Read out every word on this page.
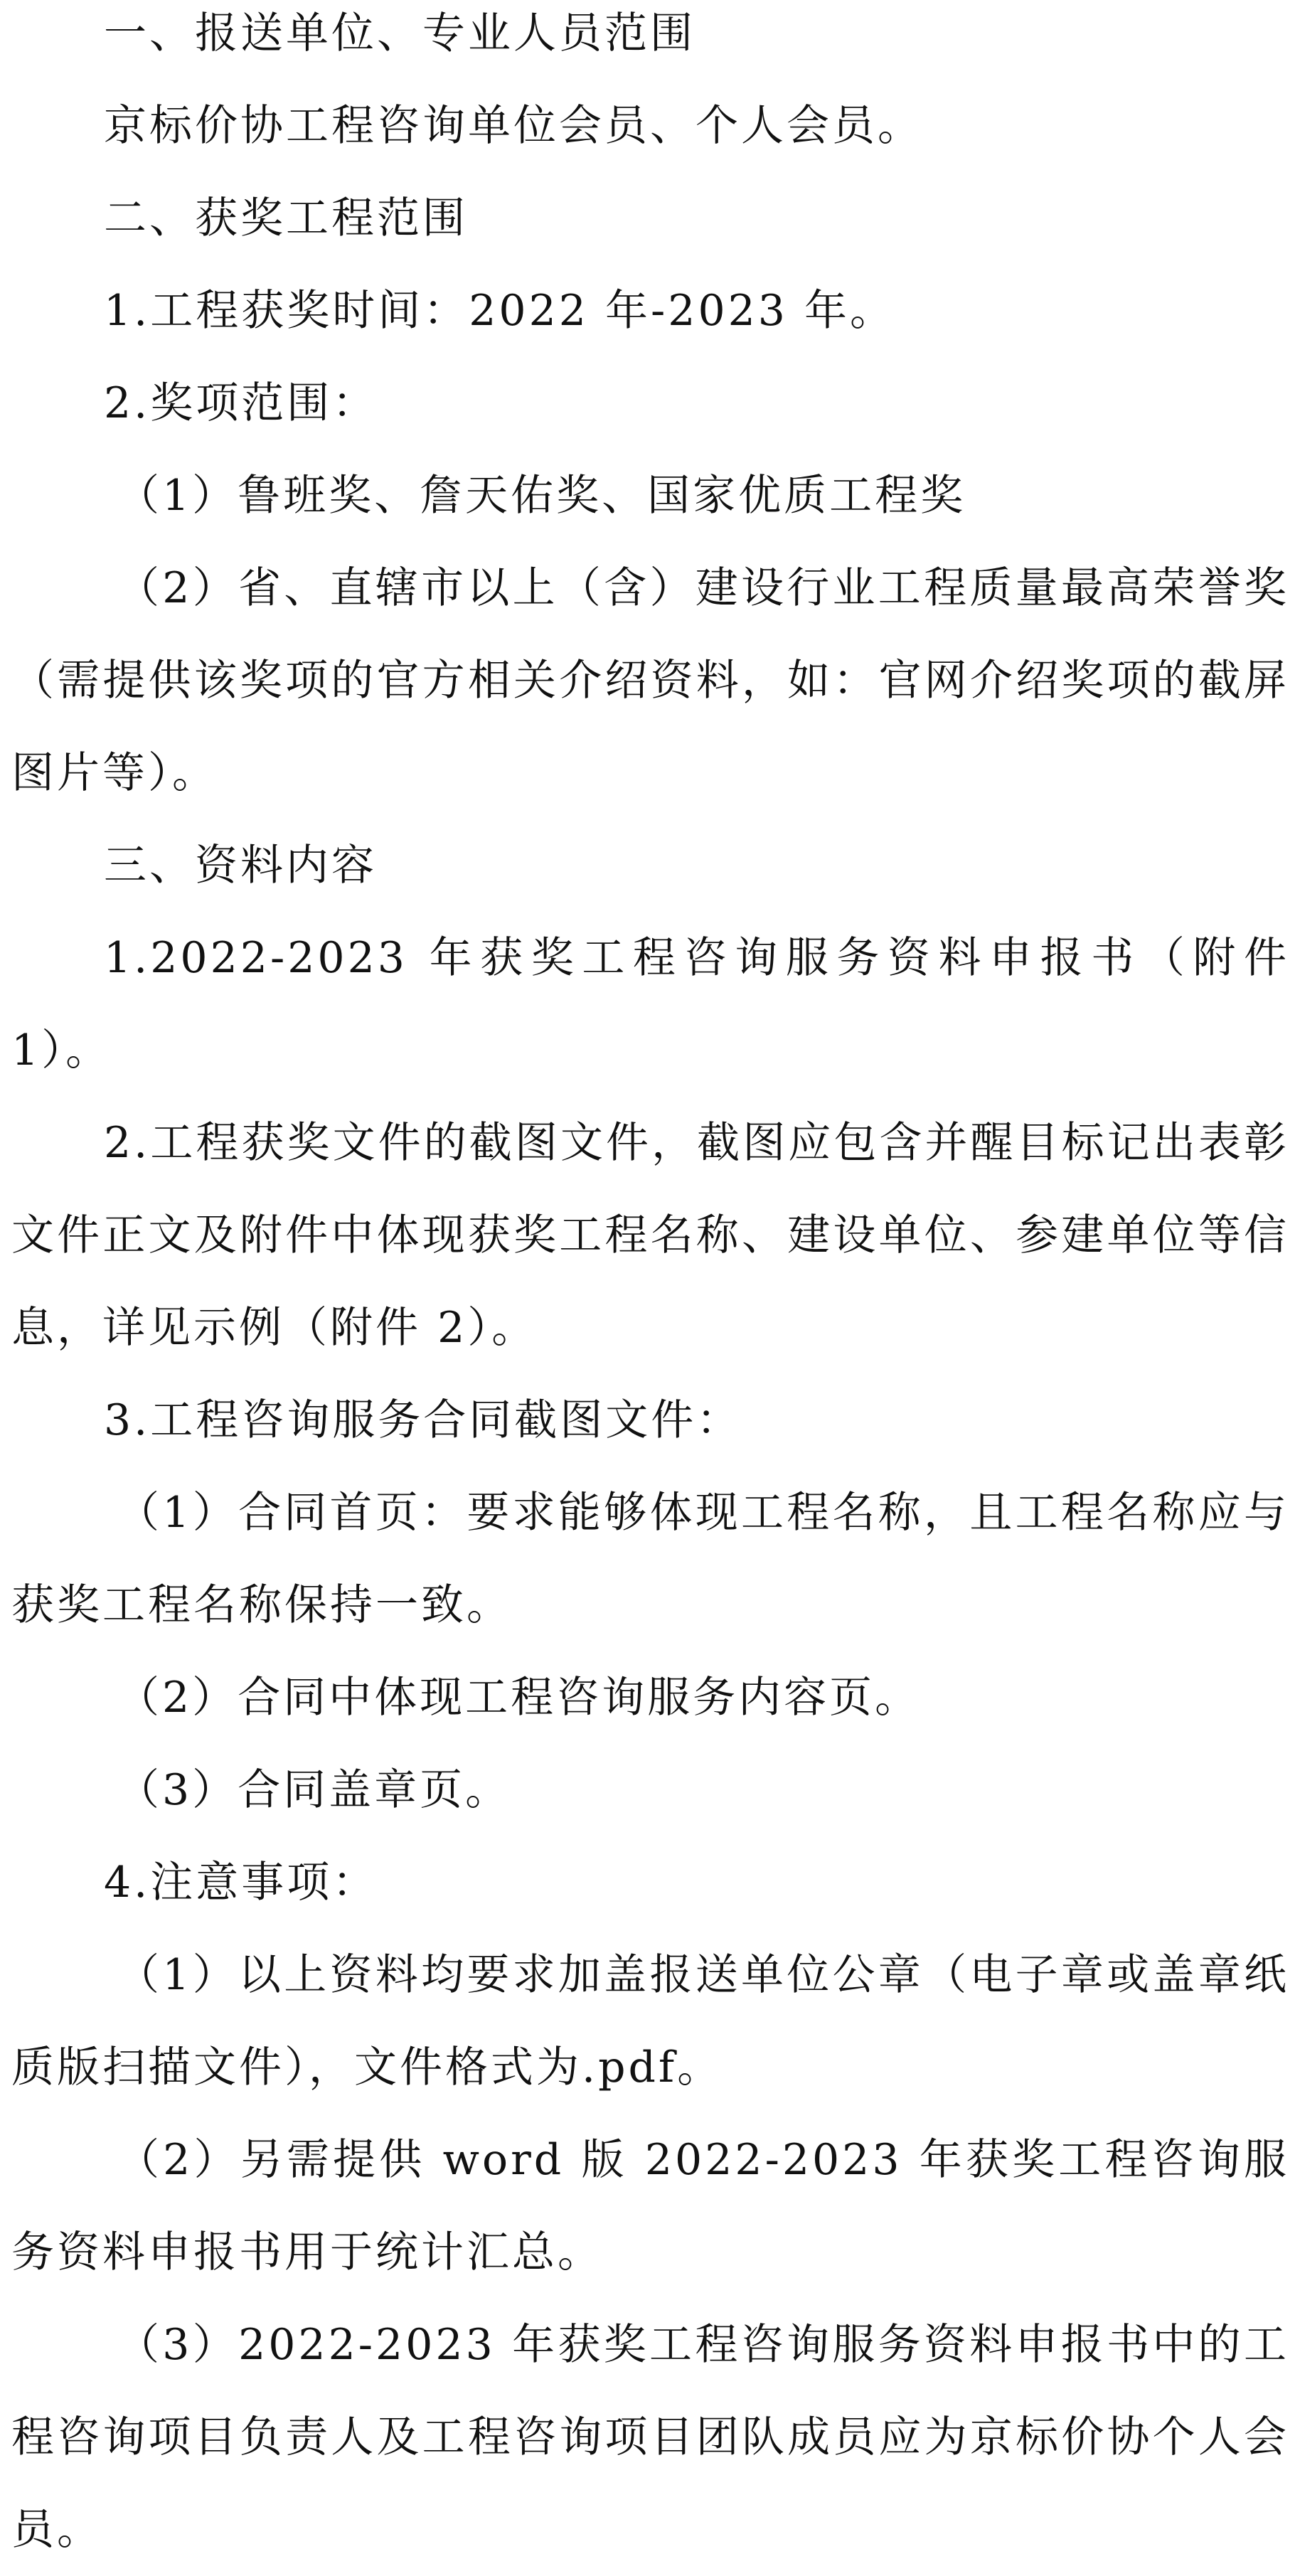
一、报送单位、专业人员范围

京标价协工程咨询单位会员、个人会员。

二、获奖工程范围

1.工程获奖时间：2022 年-2023 年。

2.奖项范围：

（1）鲁班奖、詹天佑奖、国家优质工程奖

（2）省、直辖市以上（含）建设行业工程质量最高荣誉奖（需提供该奖项的官方相关介绍资料，如：官网介绍奖项的截屏图片等）。

三、资料内容

1.2022-2023 年获奖工程咨询服务资料申报书（附件 1）。

2.工程获奖文件的截图文件，截图应包含并醒目标记出表彰文件正文及附件中体现获奖工程名称、建设单位、参建单位等信息，详见示例（附件 2）。

3.工程咨询服务合同截图文件：

（1）合同首页：要求能够体现工程名称，且工程名称应与获奖工程名称保持一致。

（2）合同中体现工程咨询服务内容页。

（3）合同盖章页。

4.注意事项：

（1）以上资料均要求加盖报送单位公章（电子章或盖章纸质版扫描文件），文件格式为.pdf。

（2）另需提供 word 版 2022-2023 年获奖工程咨询服务资料申报书用于统计汇总。

（3）2022-2023 年获奖工程咨询服务资料申报书中的工程咨询项目负责人及工程咨询项目团队成员应为京标价协个人会员。
